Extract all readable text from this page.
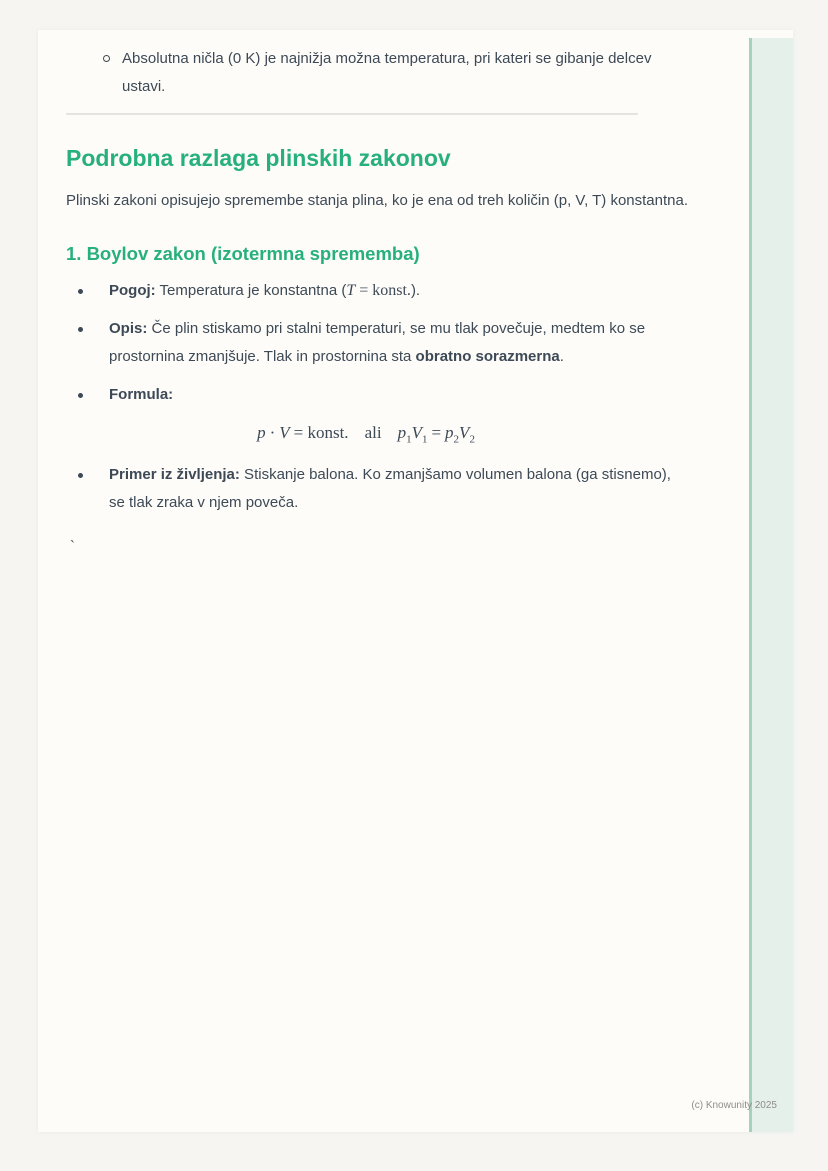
Absolutna ničla (0 K) je najnižja možna temperatura, pri kateri se gibanje delcev ustavi.
Podrobna razlaga plinskih zakonov

Plinski zakoni opisujejo spremembe stanja plina, ko je ena od treh količin (p, V, T) konstantna.

1. Boylov zakon (izotermna sprememba)
Pogoj: Temperatura je konstantna (T = konst.).
Opis: Če plin stiskamo pri stalni temperaturi, se mu tlak povečuje, medtem ko se prostornina zmanjšuje. Tlak in prostornina sta obratno sorazmerna.
Formula:
p · V = konst. ali $p_1V_1 = p_2V_2$
Primer iz življenja: Stiskanje balona. Ko zmanjšamo volumen balona (ga stisnemo), se tlak zraka v njem poveča.
`
(c) Knowunity 2025
